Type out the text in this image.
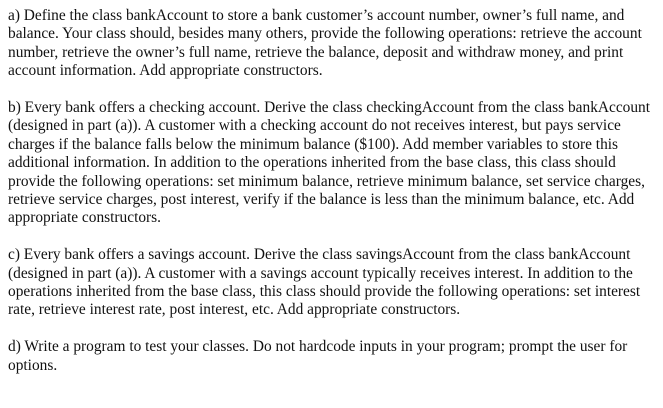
a) Define the class bankAccount to store a bank customer’s account number, owner’s full name, and balance. Your class should, besides many others, provide the following operations: retrieve the account number, retrieve the owner’s full name, retrieve the balance, deposit and withdraw money, and print account information. Add appropriate constructors.

b) Every bank offers a checking account. Derive the class checkingAccount from the class bankAccount (designed in part (a)). A customer with a checking account do not receives interest, but pays service charges if the balance falls below the minimum balance ($100). Add member variables to store this additional information. In addition to the operations inherited from the base class, this class should provide the following operations: set minimum balance, retrieve minimum balance, set service charges, retrieve service charges, post interest, verify if the balance is less than the minimum balance, etc. Add appropriate constructors.

c) Every bank offers a savings account. Derive the class savingsAccount from the class bankAccount (designed in part (a)). A customer with a savings account typically receives interest. In addition to the operations inherited from the base class, this class should provide the following operations: set interest rate, retrieve interest rate, post interest, etc. Add appropriate constructors.

d) Write a program to test your classes. Do not hardcode inputs in your program; prompt the user for options.
